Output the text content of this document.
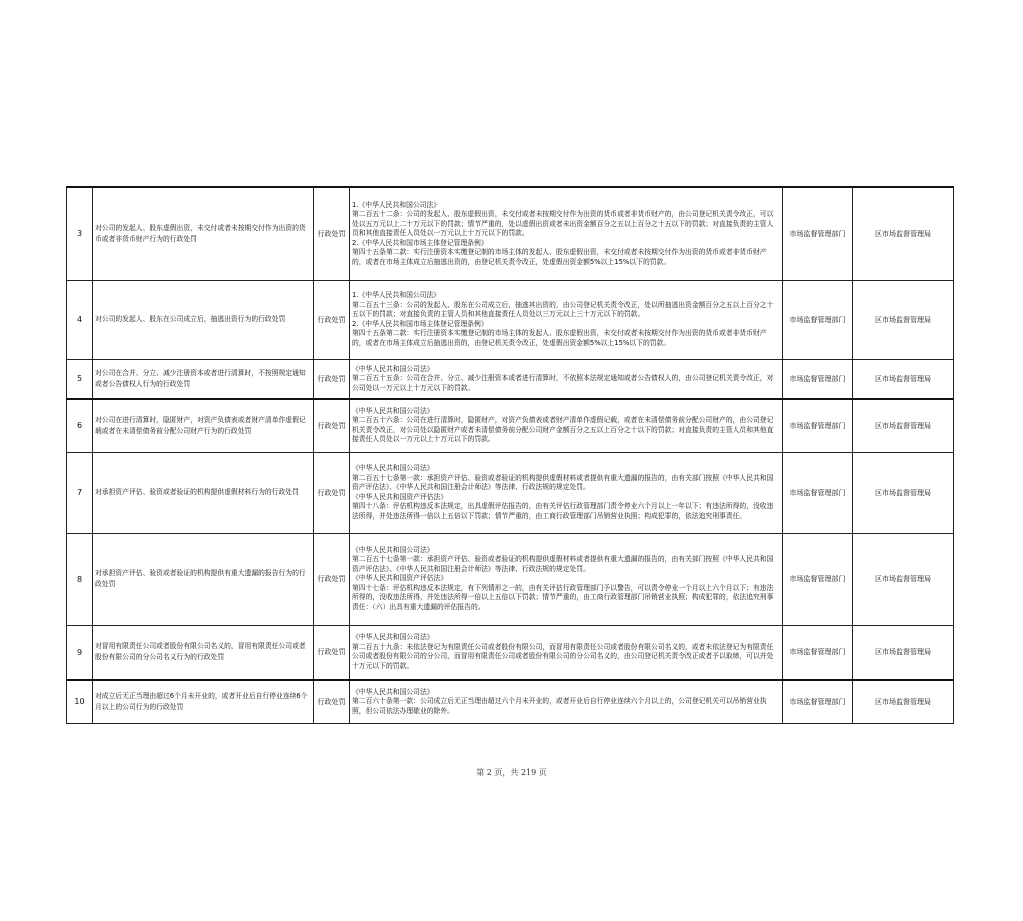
3	对公司的发起人、股东虚假出资，未交付或者未按期交付作为出资的货币或者非货币财产行为的行政处罚	行政处罚	1.《中华人民共和国公司法》
第二百五十二条：公司的发起人、股东虚假出资，未交付或者未按期交付作为出资的货币或者非货币财产的，由公司登记机关责令改正，可以处以五万元以上二十万元以下的罚款；情节严重的，处以虚假出资或者未出资金额百分之五以上百分之十五以下的罚款；对直接负责的主管人员和其他直接责任人员处以一万元以上十万元以下的罚款。
2.《中华人民共和国市场主体登记管理条例》
第四十五条第二款：实行注册资本实缴登记制的市场主体的发起人、股东虚假出资，未交付或者未按期交付作为出资的货币或者非货币财产的，或者在市场主体成立后抽逃出资的，由登记机关责令改正，处虚假出资金额5%以上15%以下的罚款。	市场监督管理部门	区市场监督管理局
4	对公司的发起人、股东在公司成立后，抽逃出资行为的行政处罚	行政处罚	1.《中华人民共和国公司法》
第二百五十三条：公司的发起人、股东在公司成立后，抽逃其出资的，由公司登记机关责令改正，处以所抽逃出资金额百分之五以上百分之十五以下的罚款；对直接负责的主管人员和其他直接责任人员处以三万元以上三十万元以下的罚款。
2.《中华人民共和国市场主体登记管理条例》
第四十五条第二款：实行注册资本实缴登记制的市场主体的发起人、股东虚假出资，未交付或者未按期交付作为出资的货币或者非货币财产的，或者在市场主体成立后抽逃出资的，由登记机关责令改正，处虚假出资金额5%以上15%以下的罚款。	市场监督管理部门	区市场监督管理局
5	对公司在合并、分立、减少注册资本或者进行清算时，不按照规定通知或者公告债权人行为的行政处罚	行政处罚	《中华人民共和国公司法》
第二百五十五条：公司在合并、分立、减少注册资本或者进行清算时，不依照本法规定通知或者公告债权人的，由公司登记机关责令改正，对公司处以一万元以上十万元以下的罚款。	市场监督管理部门	区市场监督管理局
6	对公司在进行清算时，隐匿财产，对资产负债表或者财产清单作虚假记载或者在未清偿债务前分配公司财产行为的行政处罚	行政处罚	《中华人民共和国公司法》
第二百五十六条：公司在进行清算时，隐匿财产，对资产负债表或者财产清单作虚假记载，或者在未清偿债务前分配公司财产的，由公司登记机关责令改正，对公司处以隐匿财产或者未清偿债务前分配公司财产金额百分之五以上百分之十以下的罚款；对直接负责的主管人员和其他直接责任人员处以一万元以上十万元以下的罚款。	市场监督管理部门	区市场监督管理局
7	对承担资产评估、验资或者验证的机构提供虚假材料行为的行政处罚	行政处罚	《中华人民共和国公司法》
第二百五十七条第一款：承担资产评估、验资或者验证的机构提供虚假材料或者提供有重大遗漏的报告的，由有关部门按照《中华人民共和国资产评估法》、《中华人民共和国注册会计师法》等法律、行政法规的规定处罚。
《中华人民共和国资产评估法》
第四十八条：评估机构违反本法规定，出具虚假评估报告的，由有关评估行政管理部门责令停业六个月以上一年以下；有违法所得的，没收违法所得，并处违法所得一倍以上五倍以下罚款；情节严重的，由工商行政管理部门吊销营业执照；构成犯罪的，依法追究刑事责任。	市场监督管理部门	区市场监督管理局
8	对承担资产评估、验资或者验证的机构提供有重大遗漏的报告行为的行政处罚	行政处罚	《中华人民共和国公司法》
第二百五十七条第一款：承担资产评估、验资或者验证的机构提供虚假材料或者提供有重大遗漏的报告的，由有关部门按照《中华人民共和国资产评估法》、《中华人民共和国注册会计师法》等法律、行政法规的规定处罚。
《中华人民共和国资产评估法》
第四十七条：评估机构违反本法规定，有下列情形之一的，由有关评估行政管理部门予以警告，可以责令停业一个月以上六个月以下；有违法所得的，没收违法所得，并处违法所得一倍以上五倍以下罚款；情节严重的，由工商行政管理部门吊销营业执照；构成犯罪的，依法追究刑事责任：（六）出具有重大遗漏的评估报告的。	市场监督管理部门	区市场监督管理局
9	对冒用有限责任公司或者股份有限公司名义的，冒用有限责任公司或者股份有限公司的分公司名义行为的行政处罚	行政处罚	《中华人民共和国公司法》
第二百五十九条：未依法登记为有限责任公司或者股份有限公司，而冒用有限责任公司或者股份有限公司名义的，或者未依法登记为有限责任公司或者股份有限公司的分公司，而冒用有限责任公司或者股份有限公司的分公司名义的，由公司登记机关责令改正或者予以取缔，可以并处十万元以下的罚款。	市场监督管理部门	区市场监督管理局
10	对成立后无正当理由超过6个月未开业的，或者开业后自行停业连续6个月以上的公司行为的行政处罚	行政处罚	《中华人民共和国公司法》
第二百六十条第一款：公司成立后无正当理由超过六个月未开业的，或者开业后自行停业连续六个月以上的，公司登记机关可以吊销营业执照，但公司依法办理歇业的除外。	市场监督管理部门	区市场监督管理局
第 2 页，共 219 页
